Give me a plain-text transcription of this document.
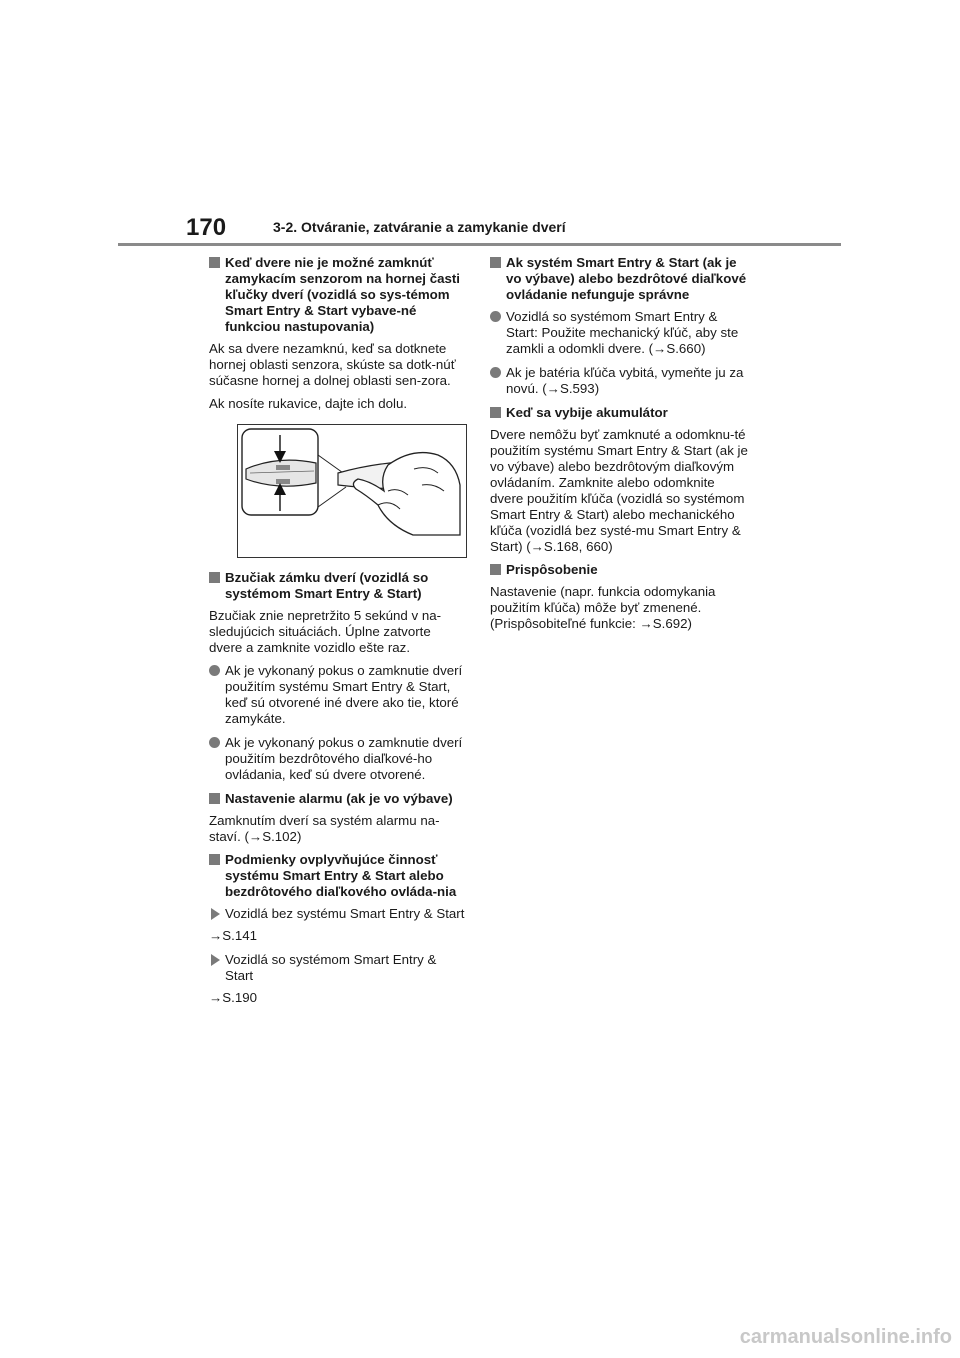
170	3-2. Otváranie, zatváranie a zamykanie dverí
Keď dvere nie je možné zamknúť zamykacím senzorom na hornej časti kľučky dverí (vozidlá so sys-témom Smart Entry & Start vybave-né funkciou nastupovania)

Ak sa dvere nezamknú, keď sa dotknete hornej oblasti senzora, skúste sa dotk-núť súčasne hornej a dolnej oblasti sen-zora.

Ak nosíte rukavice, dajte ich dolu.

Bzučiak zámku dverí (vozidlá so systémom Smart Entry & Start)

Bzučiak znie nepretržito 5 sekúnd v na-sledujúcich situáciách. Úplne zatvorte dvere a zamknite vozidlo ešte raz.

Ak je vykonaný pokus o zamknutie dverí použitím systému Smart Entry & Start, keď sú otvorené iné dvere ako tie, ktoré zamykáte.
Ak je vykonaný pokus o zamknutie dverí použitím bezdrôtového diaľkové-ho ovládania, keď sú dvere otvorené.
Nastavenie alarmu (ak je vo výbave)

Zamknutím dverí sa systém alarmu na-staví. (→S.102)

Podmienky ovplyvňujúce činnosť systému Smart Entry & Start alebo bezdrôtového diaľkového ovláda-nia
Vozidlá bez systému Smart Entry & Start

→S.141

Vozidlá so systémom Smart Entry & Start

→S.190

Ak systém Smart Entry & Start (ak je vo výbave) alebo bezdrôtové diaľkové ovládanie nefunguje správne
Vozidlá so systémom Smart Entry & Start: Použite mechanický kľúč, aby ste zamkli a odomkli dvere. (→S.660)
Ak je batéria kľúča vybitá, vymeňte ju za novú. (→S.593)
Keď sa vybije akumulátor

Dvere nemôžu byť zamknuté a odomknu-té použitím systému Smart Entry & Start (ak je vo výbave) alebo bezdrôtovým diaľkovým ovládaním. Zamknite alebo odomknite dvere použitím kľúča (vozidlá so systémom Smart Entry & Start) alebo mechanického kľúča (vozidlá bez systé-mu Smart Entry & Start) (→S.168, 660)

Prispôsobenie

Nastavenie (napr. funkcia odomykania použitím kľúča) môže byť zmenené. (Prispôsobiteľné funkcie: →S.692)

carmanualsonline.info
